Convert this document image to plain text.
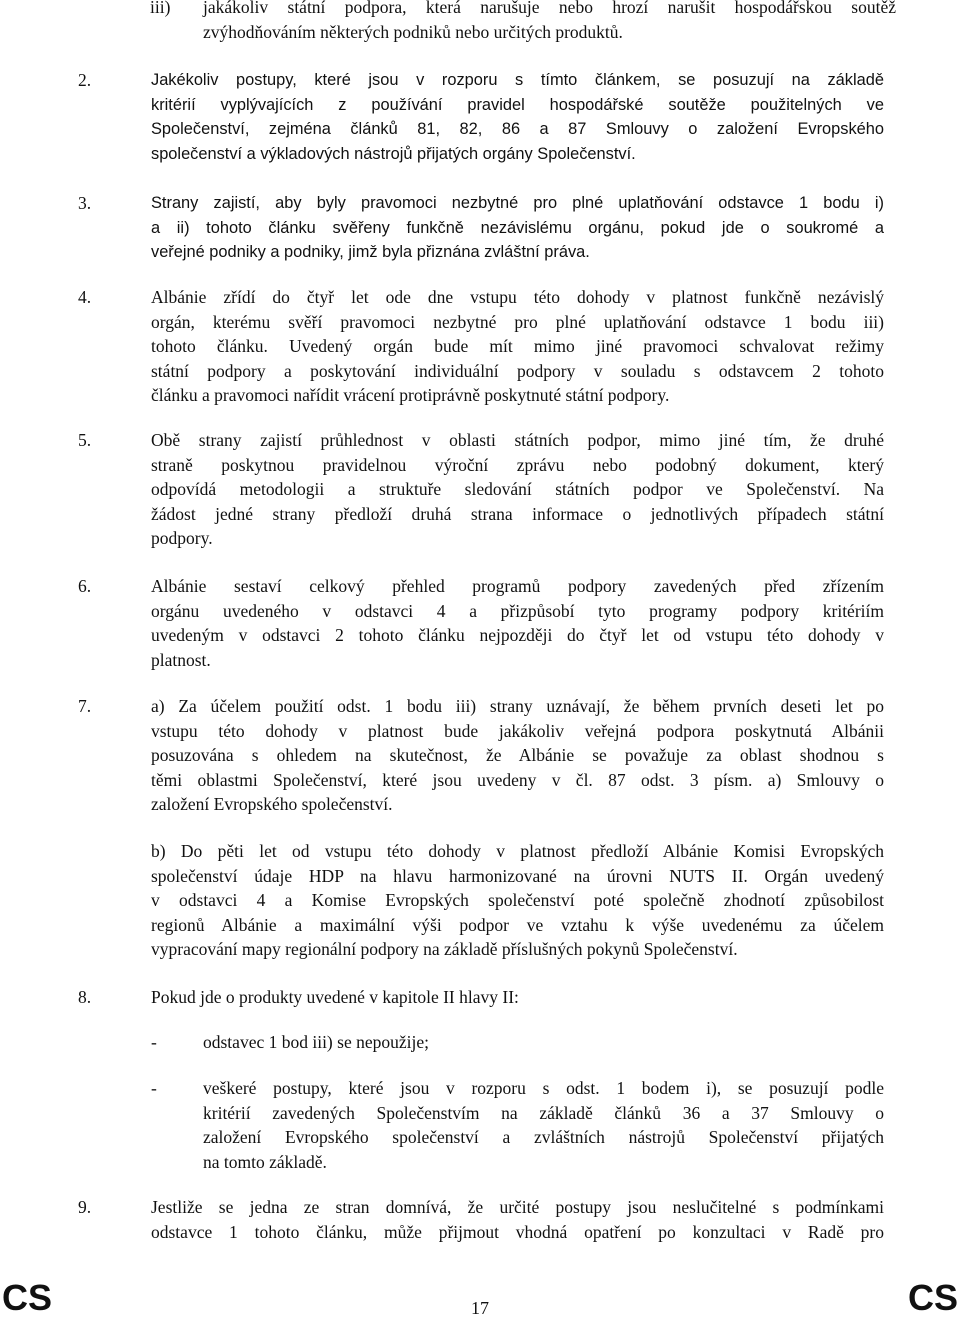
iii) jakákoliv státní podpora, která narušuje nebo hrozí narušit hospodářskou soutěž
zvýhodňováním některých podniků nebo určitých produktů.
2.	Jakékoliv postupy, které jsou v rozporu s tímto článkem, se posuzují na základě
kritérií vyplývajících z používání pravidel hospodářské soutěže použitelných ve
Společenství, zejména článků 81, 82, 86 a 87 Smlouvy o založení Evropského
společenství a výkladových nástrojů přijatých orgány Společenství.
3.	Strany zajistí, aby byly pravomoci nezbytné pro plné uplatňování odstavce 1 bodu i)
a ii) tohoto článku svěřeny funkčně nezávislému orgánu, pokud jde o soukromé a
veřejné podniky a podniky, jimž byla přiznána zvláštní práva.
4.	Albánie zřídí do čtyř let ode dne vstupu této dohody v platnost funkčně nezávislý
orgán, kterému svěří pravomoci nezbytné pro plné uplatňování odstavce 1 bodu iii)
tohoto článku. Uvedený orgán bude mít mimo jiné pravomoci schvalovat režimy
státní podpory a poskytování individuální podpory v souladu s odstavcem 2 tohoto
článku a pravomoci nařídit vrácení protiprávně poskytnuté státní podpory.
5.	Obě strany zajistí průhlednost v oblasti státních podpor, mimo jiné tím, že druhé
straně poskytnou pravidelnou výroční zprávu nebo podobný dokument, který
odpovídá metodologii a struktuře sledování státních podpor ve Společenství. Na
žádost jedné strany předloží druhá strana informace o jednotlivých případech státní
podpory.
6.	Albánie sestaví celkový přehled programů podpory zavedených před zřízením
orgánu uvedeného v odstavci 4 a přizpůsobí tyto programy podpory kritériím
uvedeným v odstavci 2 tohoto článku nejpozději do čtyř let od vstupu této dohody v
platnost.
7.	a) Za účelem použití odst. 1 bodu iii) strany uznávají, že během prvních deseti let po
vstupu této dohody v platnost bude jakákoliv veřejná podpora poskytnutá Albánii
posuzována s ohledem na skutečnost, že Albánie se považuje za oblast shodnou s
těmi oblastmi Společenství, které jsou uvedeny v čl. 87 odst. 3 písm. a) Smlouvy o
založení Evropského společenství.
b) Do pěti let od vstupu této dohody v platnost předloží Albánie Komisi Evropských
společenství údaje HDP na hlavu harmonizované na úrovni NUTS II. Orgán uvedený
v odstavci 4 a Komise Evropských společenství poté společně zhodnotí způsobilost
regionů Albánie a maximální výši podpor ve vztahu k výše uvedenému za účelem
vypracování mapy regionální podpory na základě příslušných pokynů Společenství.
8.	Pokud jde o produkty uvedené v kapitole II hlavy II:
-	odstavec 1 bod iii) se nepoužije;
-	veškeré postupy, které jsou v rozporu s odst. 1 bodem i), se posuzují podle
kritérií zavedených Společenstvím na základě článků 36 a 37 Smlouvy o
založení Evropského společenství a zvláštních nástrojů Společenství přijatých
na tomto základě.
9.	Jestliže se jedna ze stran domnívá, že určité postupy jsou neslučitelné s podmínkami
odstavce 1 tohoto článku, může přijmout vhodná opatření po konzultaci v Radě pro
CS	17	CS
